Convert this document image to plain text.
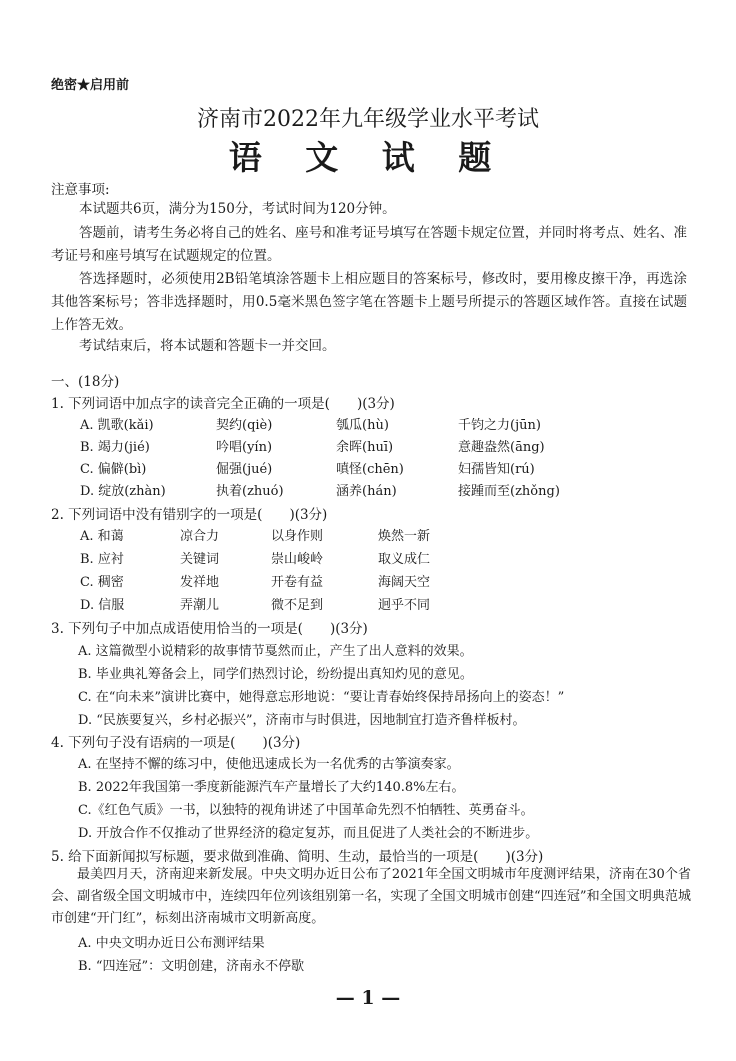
绝密★启用前
济南市2022年九年级学业水平考试
语 文 试 题
注意事项:
本试题共6页，满分为150分，考试时间为120分钟。
答题前，请考生务必将自己的姓名、座号和准考证号填写在答题卡规定位置，并同时将考点、姓名、准考证号和座号填写在试题规定的位置。
答选择题时，必须使用2B铅笔填涂答题卡上相应题目的答案标号，修改时，要用橡皮擦干净，再选涂其他答案标号；答非选择题时，用0.5毫米黑色签字笔在答题卡上题号所提示的答题区域作答。直接在试题上作答无效。
考试结束后，将本试题和答题卡一并交回。
一、(18分)
1. 下列词语中加点字的读音完全正确的一项是(　　)(3分)
A. 凯歌(kǎi)	契约(qiè)	瓠瓜(hù)	千钧之力(jūn)
B. 竭力(jié)	吟唱(yín)	余晖(huī)	意趣盎然(āng)
C. 偏僻(bì)	倔强(jué)	嗔怪(chēn)	妇孺皆知(rú)
D. 绽放(zhàn)	执着(zhuó)	涵养(hán)	接踵而至(zhǒng)
2. 下列词语中没有错别字的一项是(　　)(3分)
A. 和蔼	凉合力	以身作则	焕然一新
B. 应衬	关键词	崇山峻岭	取义成仁
C. 稠密	发祥地	开卷有益	海阔天空
D. 信服	弄潮儿	微不足到	迥乎不同
3. 下列句子中加点成语使用恰当的一项是(　　)(3分)
A. 这篇微型小说精彩的故事情节戛然而止，产生了出人意料的效果。
B. 毕业典礼筹备会上，同学们热烈讨论，纷纷提出真知灼见的意见。
C. 在“向未来”演讲比赛中，她得意忘形地说：“要让青春始终保持昂扬向上的姿态！”
D. “民族要复兴，乡村必振兴”，济南市与时俱进，因地制宜打造齐鲁样板村。
4. 下列句子没有语病的一项是(　　)(3分)
A. 在坚持不懈的练习中，使他迅速成长为一名优秀的古筝演奏家。
B. 2022年我国第一季度新能源汽车产量增长了大约140.8%左右。
C.《红色气质》一书，以独特的视角讲述了中国革命先烈不怕牺牲、英勇奋斗。
D. 开放合作不仅推动了世界经济的稳定复苏，而且促进了人类社会的不断进步。
5. 给下面新闻拟写标题，要求做到准确、简明、生动，最恰当的一项是(　　)(3分)
最美四月天，济南迎来新发展。中央文明办近日公布了2021年全国文明城市年度测评结果，济南在30个省会、副省级全国文明城市中，连续四年位列该组别第一名，实现了全国文明城市创建“四连冠”和全国文明典范城市创建“开门红”，标刻出济南城市文明新高度。
A. 中央文明办近日公布测评结果
B. “四连冠”：文明创建，济南永不停歇
— 1 —
